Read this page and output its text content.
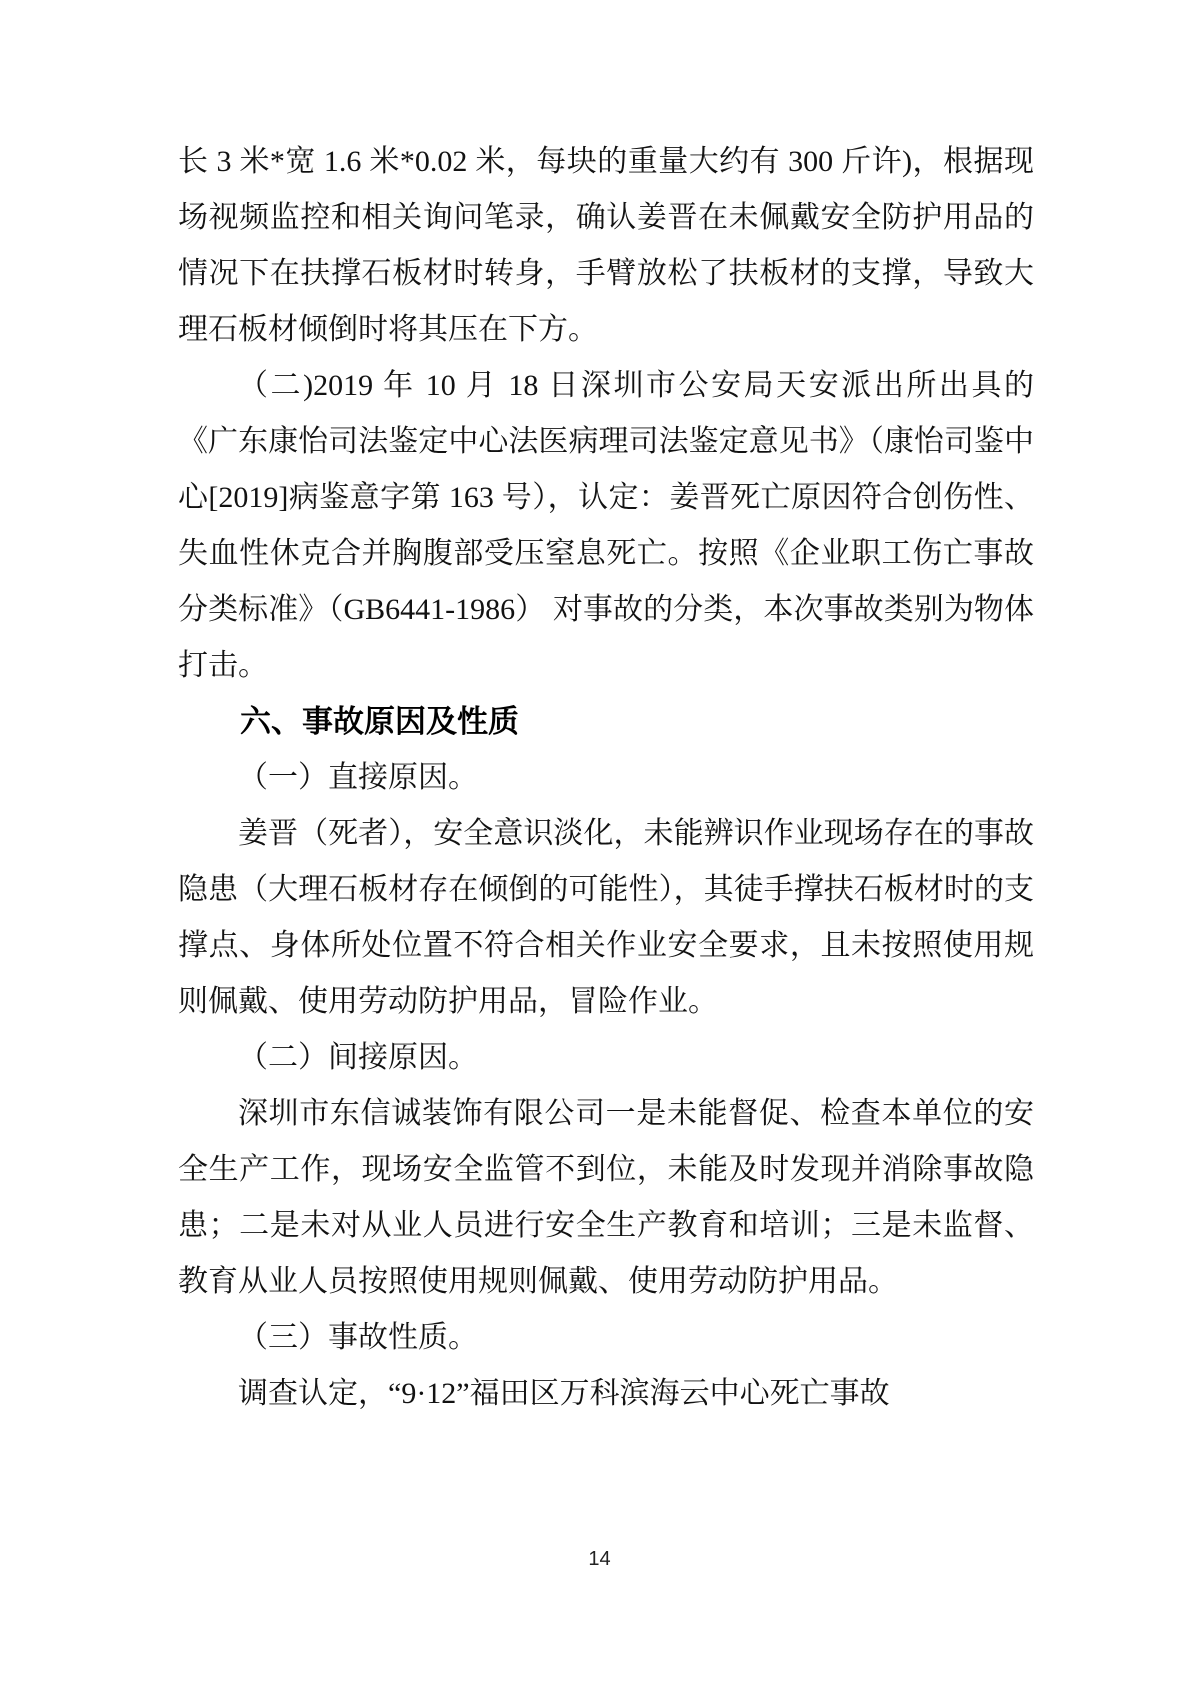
长 3 米*宽 1.6 米*0.02 米，每块的重量大约有 300 斤许)，根据现场视频监控和相关询问笔录，确认姜晋在未佩戴安全防护用品的情况下在扶撑石板材时转身，手臂放松了扶板材的支撑，导致大理石板材倾倒时将其压在下方。

（二)2019 年 10 月 18 日深圳市公安局天安派出所出具的《广东康怡司法鉴定中心法医病理司法鉴定意见书》（康怡司鉴中心[2019]病鉴意字第 163 号），认定：姜晋死亡原因符合创伤性、失血性休克合并胸腹部受压窒息死亡。按照《企业职工伤亡事故分类标准》（GB6441-1986） 对事故的分类，本次事故类别为物体打击。

六、事故原因及性质

（一）直接原因。

姜晋（死者），安全意识淡化，未能辨识作业现场存在的事故隐患（大理石板材存在倾倒的可能性），其徒手撑扶石板材时的支撑点、身体所处位置不符合相关作业安全要求，且未按照使用规则佩戴、使用劳动防护用品，冒险作业。

（二）间接原因。

深圳市东信诚装饰有限公司一是未能督促、检查本单位的安全生产工作，现场安全监管不到位，未能及时发现并消除事故隐患；二是未对从业人员进行安全生产教育和培训；三是未监督、教育从业人员按照使用规则佩戴、使用劳动防护用品。

（三）事故性质。

调查认定，“9·12”福田区万科滨海云中心死亡事故

14
